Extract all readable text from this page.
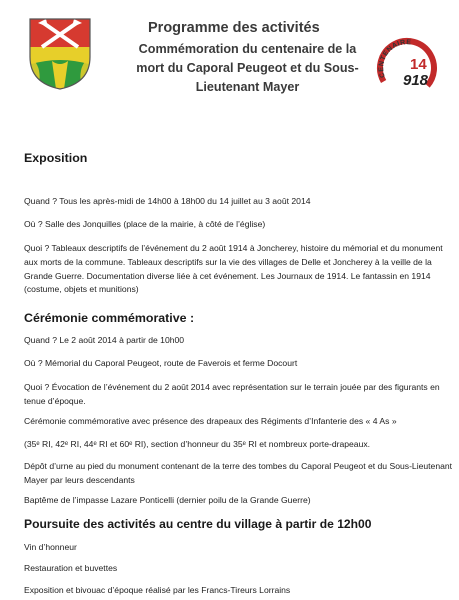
Programme des activités
Commémoration du centenaire de la mort du Caporal Peugeot et du Sous-Lieutenant Mayer
CENTENAIRE
14
918
Exposition
Quand ? Tous les après-midi de 14h00 à 18h00 du 14 juillet au 3 août 2014
Où ? Salle des Jonquilles (place de la mairie, à côté de l’église)
Quoi ? Tableaux descriptifs de l’événement du 2 août 1914 à Joncherey, histoire du mémorial et du monument aux morts de la commune. Tableaux descriptifs sur la vie des villages de Delle et Joncherey à la veille de la Grande Guerre. Documentation diverse liée à cet événement. Les Journaux de 1914. Le fantassin en 1914 (costume, objets et munitions)
Cérémonie commémorative :
Quand ? Le 2 août 2014 à partir de 10h00
Où ? Mémorial du Caporal Peugeot, route de Faverois et ferme Docourt
Quoi ? Évocation de l’événement du 2 août 2014 avec représentation sur le terrain jouée par des figurants en tenue d’époque.
Cérémonie commémorative avec présence des drapeaux des Régiments d’Infanterie des « 4 As »
(35ᵉ RI, 42ᵉ RI, 44ᵉ RI et 60ᵉ RI), section d’honneur du 35ᵉ RI et nombreux porte-drapeaux.
Dépôt d’urne au pied du monument contenant de la terre des tombes du Caporal Peugeot et du Sous-Lieutenant Mayer par leurs descendants
Baptême de l’impasse Lazare Ponticelli (dernier poilu de la Grande Guerre)
Poursuite des activités au centre du village à partir de 12h00
Vin d’honneur
Restauration et buvettes
Exposition et bivouac d’époque réalisé par les Francs-Tireurs Lorrains
